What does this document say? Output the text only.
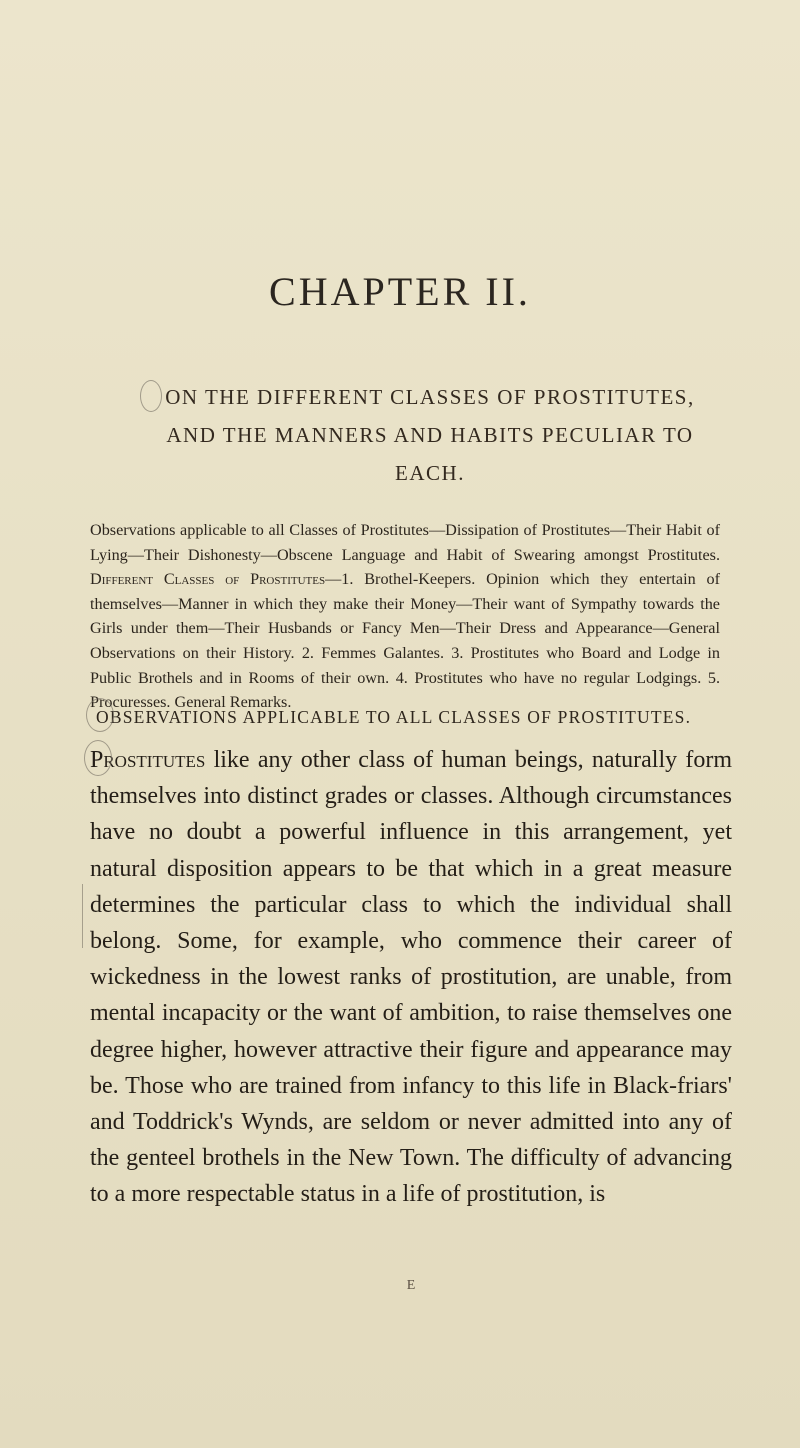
CHAPTER II.
ON THE DIFFERENT CLASSES OF PROSTITUTES, AND THE MANNERS AND HABITS PECULIAR TO EACH.
Observations applicable to all Classes of Prostitutes—Dissipation of Prostitutes—Their Habit of Lying—Their Dishonesty—Obscene Language and Habit of Swearing amongst Prostitutes. Different Classes of Prostitutes—1. Brothel-Keepers. Opinion which they entertain of themselves—Manner in which they make their Money—Their want of Sympathy towards the Girls under them—Their Husbands or Fancy Men—Their Dress and Appearance—General Observations on their History. 2. Femmes Galantes. 3. Prostitutes who Board and Lodge in Public Brothels and in Rooms of their own. 4. Prostitutes who have no regular Lodgings. 5. Procuresses. General Remarks.
OBSERVATIONS APPLICABLE TO ALL CLASSES OF PROSTITUTES.
Prostitutes like any other class of human beings, naturally form themselves into distinct grades or classes. Although circumstances have no doubt a powerful influence in this arrangement, yet natural disposition appears to be that which in a great measure determines the particular class to which the individual shall belong. Some, for example, who commence their career of wickedness in the lowest ranks of prostitution, are unable, from mental incapacity or the want of ambition, to raise themselves one degree higher, however attractive their figure and appearance may be. Those who are trained from infancy to this life in Black-friars' and Toddrick's Wynds, are seldom or never admitted into any of the genteel brothels in the New Town. The difficulty of advancing to a more respectable status in a life of prostitution, is
E
